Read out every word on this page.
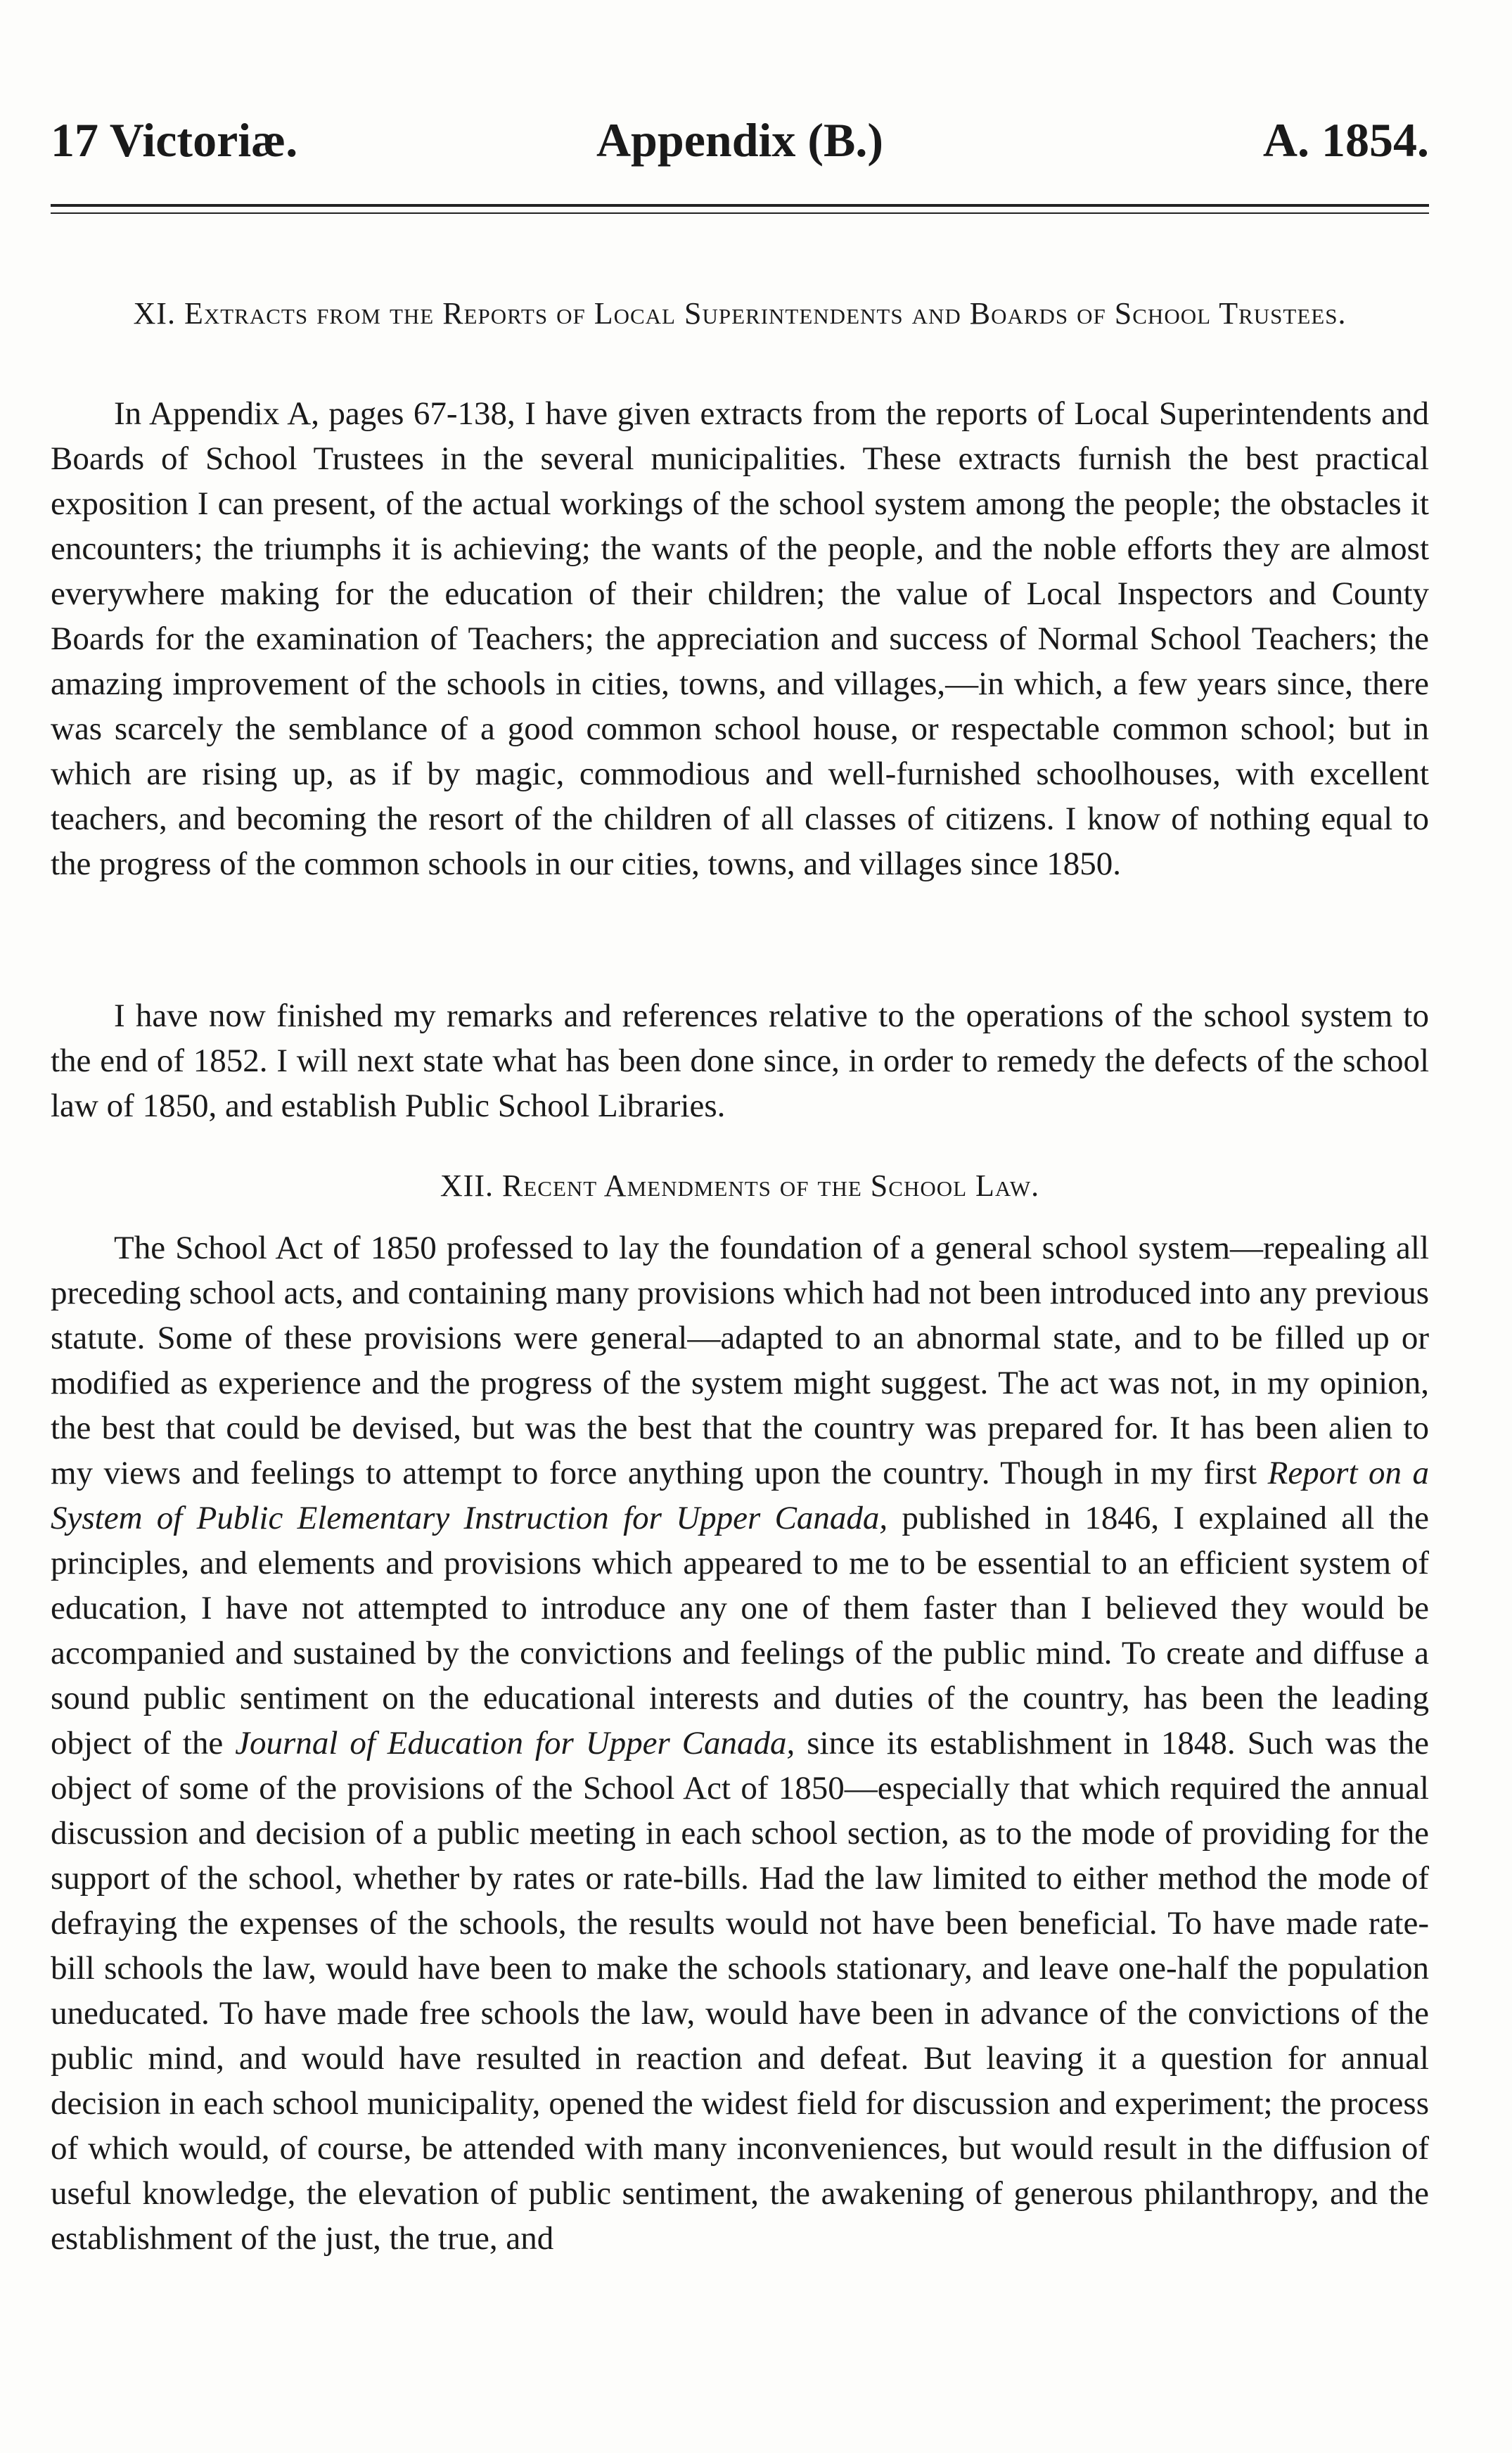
17 Victoriæ.	Appendix (B.)	A. 1854.
XI. Extracts from the Reports of Local Superintendents and Boards of School Trustees.

In Appendix A, pages 67-138, I have given extracts from the reports of Local Superintendents and Boards of School Trustees in the several municipalities. These extracts furnish the best practical exposition I can present, of the actual workings of the school system among the people; the obstacles it encounters; the triumphs it is achieving; the wants of the people, and the noble efforts they are almost everywhere making for the education of their children; the value of Local Inspectors and County Boards for the examination of Teachers; the appreciation and success of Normal School Teachers; the amazing improvement of the schools in cities, towns, and villages,—in which, a few years since, there was scarcely the semblance of a good common school house, or respectable common school; but in which are rising up, as if by magic, commodious and well-furnished schoolhouses, with excellent teachers, and becoming the resort of the children of all classes of citizens. I know of nothing equal to the progress of the common schools in our cities, towns, and villages since 1850.

I have now finished my remarks and references relative to the operations of the school system to the end of 1852. I will next state what has been done since, in order to remedy the defects of the school law of 1850, and establish Public School Libraries.

XII. Recent Amendments of the School Law.

The School Act of 1850 professed to lay the foundation of a general school system—repealing all preceding school acts, and containing many provisions which had not been introduced into any previous statute. Some of these provisions were general—adapted to an abnormal state, and to be filled up or modified as experience and the progress of the system might suggest. The act was not, in my opinion, the best that could be devised, but was the best that the country was prepared for. It has been alien to my views and feelings to attempt to force anything upon the country. Though in my first Report on a System of Public Elementary Instruction for Upper Canada, published in 1846, I explained all the principles, and elements and provisions which appeared to me to be essential to an efficient system of education, I have not attempted to introduce any one of them faster than I believed they would be accompanied and sustained by the convictions and feelings of the public mind. To create and diffuse a sound public sentiment on the educational interests and duties of the country, has been the leading object of the Journal of Education for Upper Canada, since its establishment in 1848. Such was the object of some of the provisions of the School Act of 1850—especially that which required the annual discussion and decision of a public meeting in each school section, as to the mode of providing for the support of the school, whether by rates or rate-bills. Had the law limited to either method the mode of defraying the expenses of the schools, the results would not have been beneficial. To have made rate-bill schools the law, would have been to make the schools stationary, and leave one-half the population uneducated. To have made free schools the law, would have been in advance of the convictions of the public mind, and would have resulted in reaction and defeat. But leaving it a question for annual decision in each school municipality, opened the widest field for discussion and experiment; the process of which would, of course, be attended with many inconveniences, but would result in the diffusion of useful knowledge, the elevation of public sentiment, the awakening of generous philanthropy, and the establishment of the just, the true, and
